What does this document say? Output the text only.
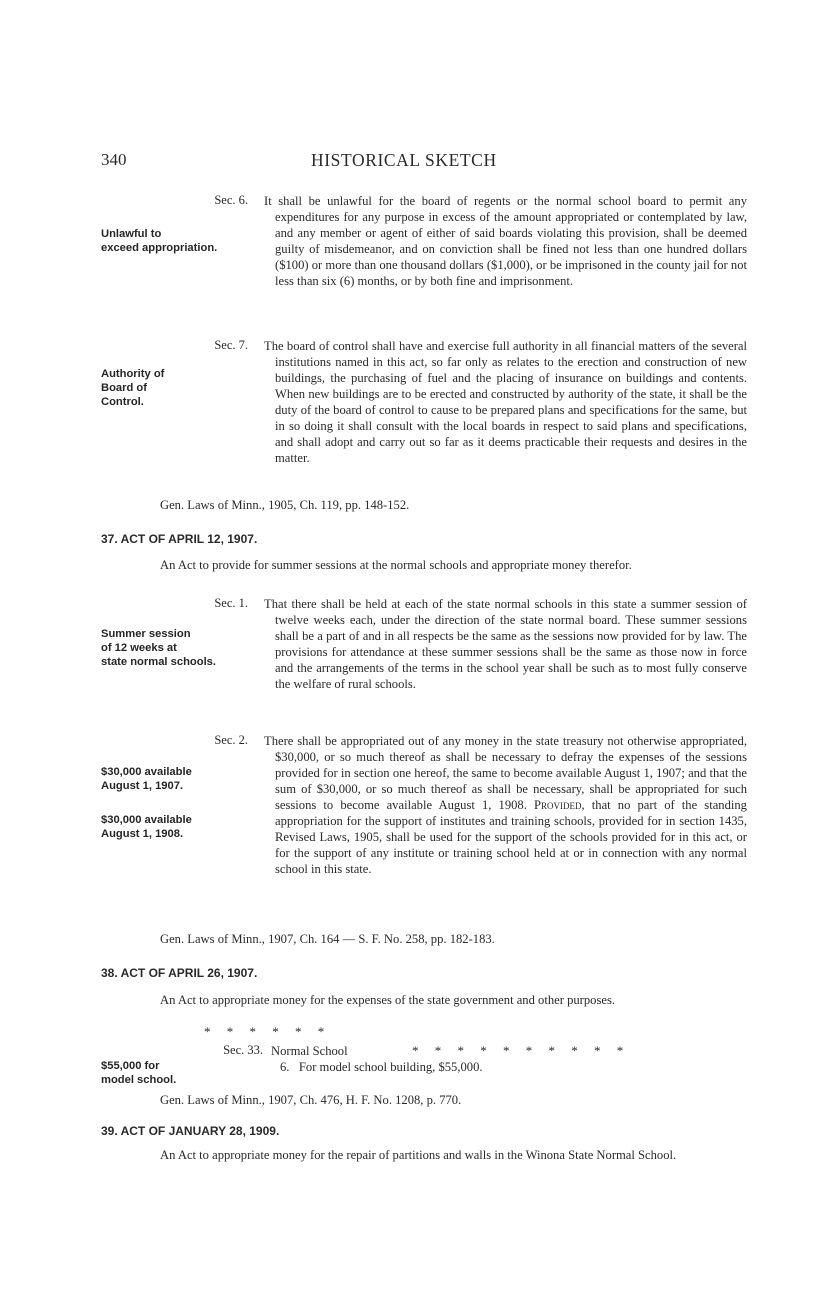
340	HISTORICAL SKETCH
Sec. 6. It shall be unlawful for the board of regents or the normal school board to permit any expenditures for any purpose in excess of the amount appropriated or contemplated by law, and any member or agent of either of said boards violating this provision, shall be deemed guilty of misdemeanor, and on conviction shall be fined not less than one hundred dollars ($100) or more than one thousand dollars ($1,000), or be imprisoned in the county jail for not less than six (6) months, or by both fine and imprisonment.
Unlawful to
exceed appropriation.
Sec. 7. The board of control shall have and exercise full authority in all financial matters of the several institutions named in this act, so far only as relates to the erection and construction of new buildings, the purchasing of fuel and the placing of insurance on buildings and contents. When new buildings are to be erected and constructed by authority of the state, it shall be the duty of the board of control to cause to be prepared plans and specifications for the same, but in so doing it shall consult with the local boards in respect to said plans and specifications, and shall adopt and carry out so far as it deems practicable their requests and desires in the matter.
Authority of
Board of
Control.
Gen. Laws of Minn., 1905, Ch. 119, pp. 148-152.
37. ACT OF APRIL 12, 1907.
An Act to provide for summer sessions at the normal schools and appropriate money therefor.
Sec. 1. That there shall be held at each of the state normal schools in this state a summer session of twelve weeks each, under the direction of the state normal board. These summer sessions shall be a part of and in all respects be the same as the sessions now provided for by law. The provisions for attendance at these summer sessions shall be the same as those now in force and the arrangements of the terms in the school year shall be such as to most fully conserve the welfare of rural schools.
Summer session
of 12 weeks at
state normal schools.
Sec. 2. There shall be appropriated out of any money in the state treasury not otherwise appropriated, $30,000, or so much thereof as shall be necessary to defray the expenses of the sessions provided for in section one hereof, the same to become available August 1, 1907; and that the sum of $30,000, or so much thereof as shall be necessary, shall be appropriated for such sessions to become available August 1, 1908. Provided, that no part of the standing appropriation for the support of institutes and training schools, provided for in section 1435, Revised Laws, 1905, shall be used for the support of the schools provided for in this act, or for the support of any institute or training school held at or in connection with any normal school in this state.
$30,000 available
August 1, 1907.
$30,000 available
August 1, 1908.
Gen. Laws of Minn., 1907, Ch. 164 — S. F. No. 258, pp. 182-183.
38. ACT OF APRIL 26, 1907.
An Act to appropriate money for the expenses of the state government and other purposes.
*     *     *     *     *     *
Sec. 33. Normal School	*     *     *     *     *     *     *     *     *     *
6.   For model school building, $55,000.
$55,000 for
model school.
Gen. Laws of Minn., 1907, Ch. 476, H. F. No. 1208, p. 770.
39. ACT OF JANUARY 28, 1909.
An Act to appropriate money for the repair of partitions and walls in the Winona State Normal School.
